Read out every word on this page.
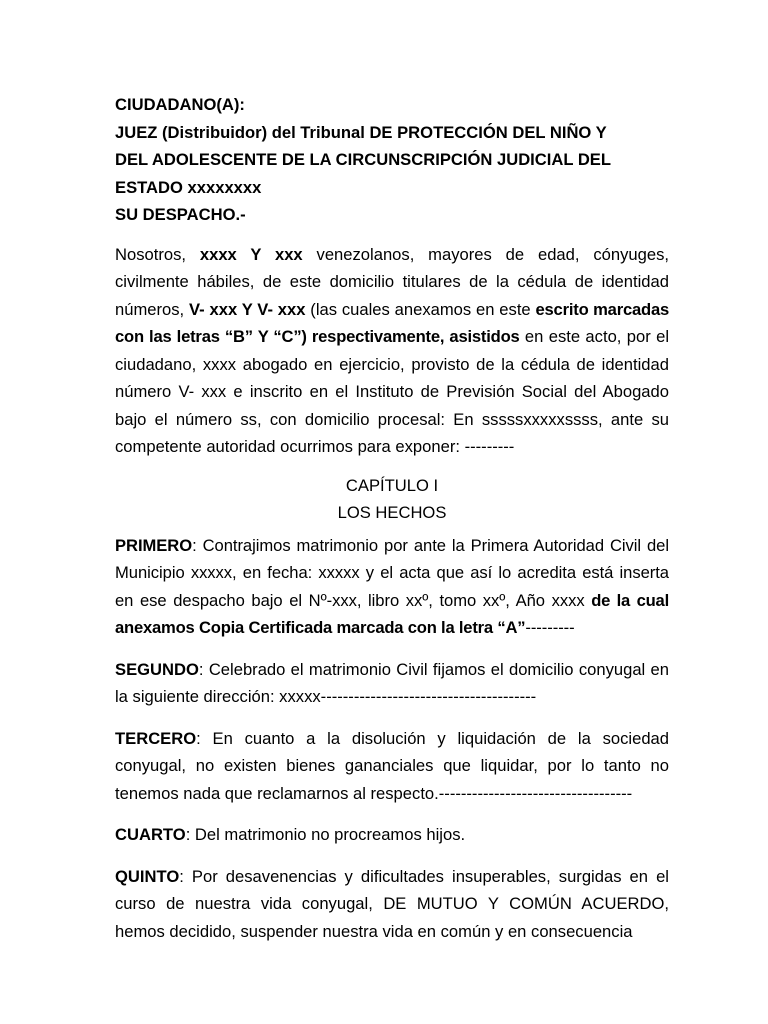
CIUDADANO(A):

JUEZ (Distribuidor) del Tribunal DE PROTECCIÓN DEL NIÑO Y

DEL ADOLESCENTE DE LA CIRCUNSCRIPCIÓN JUDICIAL DEL

ESTADO xxxxxxxx

SU DESPACHO.-

Nosotros, xxxx Y xxx venezolanos, mayores de edad, cónyuges, civilmente hábiles, de este domicilio titulares de la cédula de identidad números, V- xxx Y V- xxx (las cuales anexamos en este escrito marcadas con las letras “B” Y “C”) respectivamente, asistidos en este acto, por el ciudadano, xxxx abogado en ejercicio, provisto de la cédula de identidad número V- xxx e inscrito en el Instituto de Previsión Social del Abogado bajo el número ss, con domicilio procesal: En sssssxxxxxssss, ante su competente autoridad ocurrimos para exponer: ---------

CAPÍTULO I

LOS HECHOS

PRIMERO: Contrajimos matrimonio por ante la Primera Autoridad Civil del Municipio xxxxx, en fecha: xxxxx y el acta que así lo acredita está inserta en ese despacho bajo el Nº-xxx, libro xxº, tomo xxº, Año xxxx de la cual anexamos Copia Certificada marcada con la letra “A”---------

SEGUNDO: Celebrado el matrimonio Civil fijamos el domicilio conyugal en la siguiente dirección: xxxxx---------------------------------------

TERCERO: En cuanto a la disolución y liquidación de la sociedad conyugal, no existen bienes gananciales que liquidar, por lo tanto no tenemos nada que reclamarnos al respecto.-----------------------------------

CUARTO: Del matrimonio no procreamos hijos.

QUINTO: Por desavenencias y dificultades insuperables, surgidas en el curso de nuestra vida conyugal, DE MUTUO Y COMÚN ACUERDO, hemos decidido, suspender nuestra vida en común y en consecuencia
